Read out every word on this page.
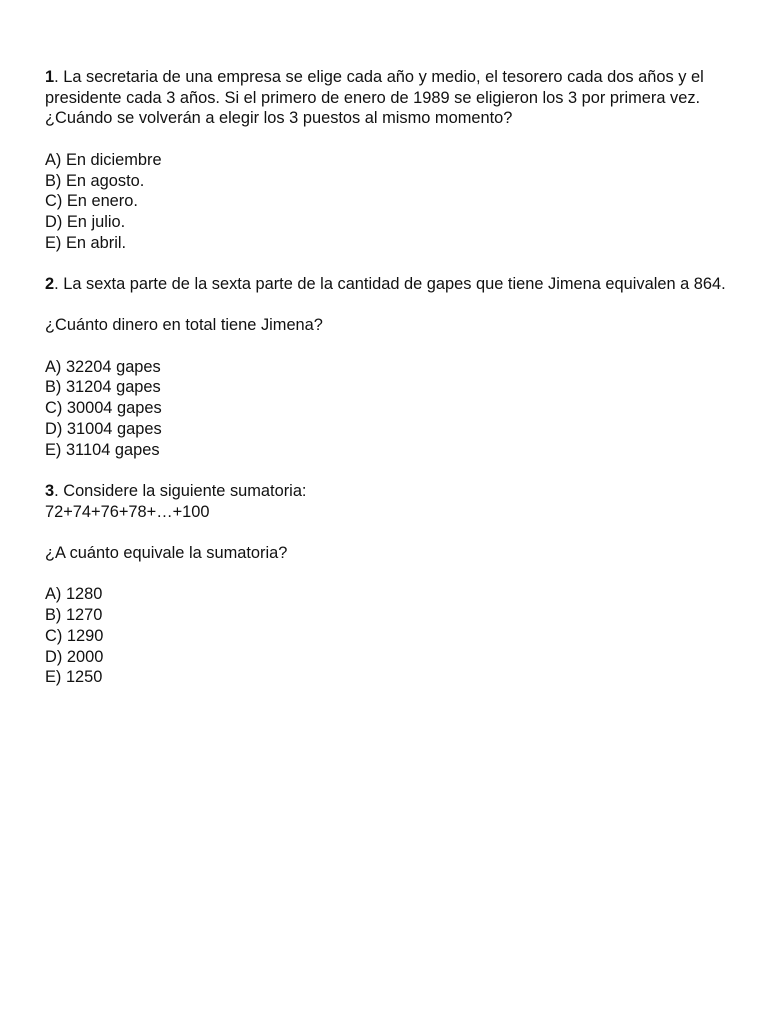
1. La secretaria de una empresa se elige cada año y medio, el tesorero cada dos años y el presidente cada 3 años. Si el primero de enero de 1989 se eligieron los 3 por primera vez.

¿Cuándo se volverán a elegir los 3 puestos al mismo momento?

A) En diciembre
B) En agosto.
C) En enero.
D) En julio.
E) En abril.

2. La sexta parte de la sexta parte de la cantidad de gapes que tiene Jimena equivalen a 864.

¿Cuánto dinero en total tiene Jimena?

A) 32204 gapes
B) 31204 gapes
C) 30004 gapes
D) 31004 gapes
E) 31104 gapes

3. Considere la siguiente sumatoria:

72+74+76+78+…+100

¿A cuánto equivale la sumatoria?

A) 1280
B) 1270
C) 1290
D) 2000
E) 1250
